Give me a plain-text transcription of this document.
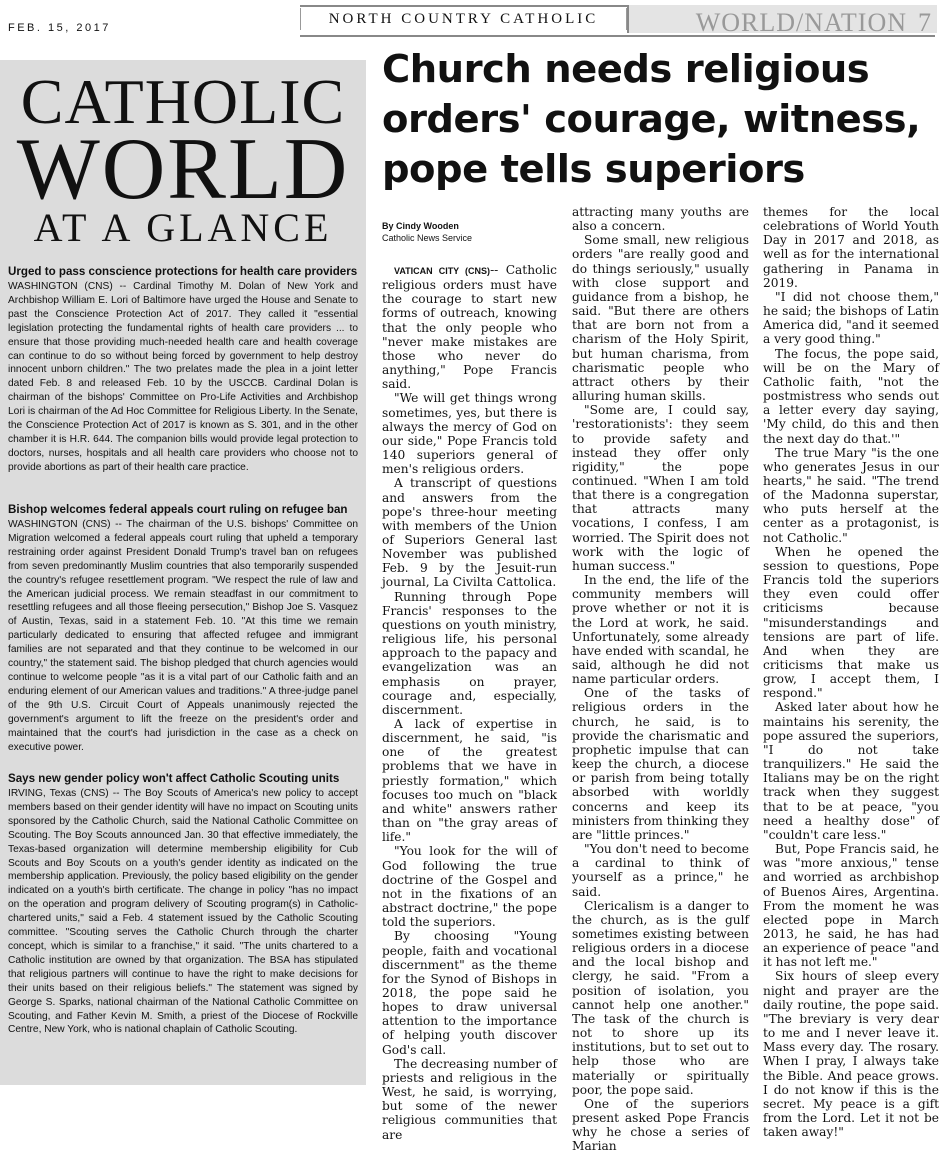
FEB. 15, 2017
NORTH COUNTRY CATHOLIC	WORLD/NATION 7
CATHOLIC
WORLD
AT A GLANCE
Urged to pass conscience protections for health care providers

WASHINGTON (CNS) -- Cardinal Timothy M. Dolan of New York and Archbishop William E. Lori of Baltimore have urged the House and Senate to past the Conscience Protection Act of 2017. They called it "essential legislation protecting the fundamental rights of health care providers ... to ensure that those providing much-needed health care and health coverage can continue to do so without being forced by government to help destroy innocent unborn children." The two prelates made the plea in a joint letter dated Feb. 8 and released Feb. 10 by the USCCB. Cardinal Dolan is chairman of the bishops' Committee on Pro-Life Activities and Archbishop Lori is chairman of the Ad Hoc Committee for Religious Liberty. In the Senate, the Conscience Protection Act of 2017 is known as S. 301, and in the other chamber it is H.R. 644. The companion bills would provide legal protection to doctors, nurses, hospitals and all health care providers who choose not to provide abortions as part of their health care practice.

Bishop welcomes federal appeals court ruling on refugee ban

WASHINGTON (CNS) -- The chairman of the U.S. bishops' Committee on Migration welcomed a federal appeals court ruling that upheld a temporary restraining order against President Donald Trump's travel ban on refugees from seven predominantly Muslim countries that also temporarily suspended the country's refugee resettlement program. "We respect the rule of law and the American judicial process. We remain steadfast in our commitment to resettling refugees and all those fleeing persecution," Bishop Joe S. Vasquez of Austin, Texas, said in a statement Feb. 10. "At this time we remain particularly dedicated to ensuring that affected refugee and immigrant families are not separated and that they continue to be welcomed in our country," the statement said. The bishop pledged that church agencies would continue to welcome people "as it is a vital part of our Catholic faith and an enduring element of our American values and traditions." A three-judge panel of the 9th U.S. Circuit Court of Appeals unanimously rejected the government's argument to lift the freeze on the president's order and maintained that the court's had jurisdiction in the case as a check on executive power.

Says new gender policy won't affect Catholic Scouting units

IRVING, Texas (CNS) -- The Boy Scouts of America's new policy to accept members based on their gender identity will have no impact on Scouting units sponsored by the Catholic Church, said the National Catholic Committee on Scouting. The Boy Scouts announced Jan. 30 that effective immediately, the Texas-based organization will determine membership eligibility for Cub Scouts and Boy Scouts on a youth's gender identity as indicated on the membership application. Previously, the policy based eligibility on the gender indicated on a youth's birth certificate. The change in policy "has no impact on the operation and program delivery of Scouting program(s) in Catholic-chartered units," said a Feb. 4 statement issued by the Catholic Scouting committee. "Scouting serves the Catholic Church through the charter concept, which is similar to a franchise," it said. "The units chartered to a Catholic institution are owned by that organization. The BSA has stipulated that religious partners will continue to have the right to make decisions for their units based on their religious beliefs." The statement was signed by George S. Sparks, national chairman of the National Catholic Committee on Scouting, and Father Kevin M. Smith, a priest of the Diocese of Rockville Centre, New York, who is national chaplain of Catholic Scouting.

Church needs religious orders' courage, witness, pope tells superiors
By Cindy Wooden
Catholic News Service

VATICAN CITY (CNS)-- Catholic religious orders must have the courage to start new forms of outreach, knowing that the only people who "never make mistakes are those who never do anything," Pope Francis said.

"We will get things wrong sometimes, yes, but there is always the mercy of God on our side," Pope Francis told 140 superiors general of men's religious orders.

A transcript of questions and answers from the pope's three-hour meeting with members of the Union of Superiors General last November was published Feb. 9 by the Jesuit-run journal, La Civilta Cattolica.

Running through Pope Francis' responses to the questions on youth ministry, religious life, his personal approach to the papacy and evangelization was an emphasis on prayer, courage and, especially, discernment.

A lack of expertise in discernment, he said, "is one of the greatest problems that we have in priestly formation," which focuses too much on "black and white" answers rather than on "the gray areas of life."

"You look for the will of God following the true doctrine of the Gospel and not in the fixations of an abstract doctrine," the pope told the superiors.

By choosing "Young people, faith and vocational discernment" as the theme for the Synod of Bishops in 2018, the pope said he hopes to draw universal attention to the importance of helping youth discover God's call.

The decreasing number of priests and religious in the West, he said, is worrying, but some of the newer religious communities that are

attracting many youths are also a concern.

Some small, new religious orders "are really good and do things seriously," usually with close support and guidance from a bishop, he said. "But there are others that are born not from a charism of the Holy Spirit, but human charisma, from charismatic people who attract others by their alluring human skills.

"Some are, I could say, 'restorationists': they seem to provide safety and instead they offer only rigidity," the pope continued. "When I am told that there is a congregation that attracts many vocations, I confess, I am worried. The Spirit does not work with the logic of human success."

In the end, the life of the community members will prove whether or not it is the Lord at work, he said. Unfortunately, some already have ended with scandal, he said, although he did not name particular orders.

One of the tasks of religious orders in the church, he said, is to provide the charismatic and prophetic impulse that can keep the church, a diocese or parish from being totally absorbed with worldly concerns and keep its ministers from thinking they are "little princes."

"You don't need to become a cardinal to think of yourself as a prince," he said.

Clericalism is a danger to the church, as is the gulf sometimes existing between religious orders in a diocese and the local bishop and clergy, he said. "From a position of isolation, you cannot help one another." The task of the church is not to shore up its institutions, but to set out to help those who are materially or spiritually poor, the pope said.

One of the superiors present asked Pope Francis why he chose a series of Marian

themes for the local celebrations of World Youth Day in 2017 and 2018, as well as for the international gathering in Panama in 2019.

"I did not choose them," he said; the bishops of Latin America did, "and it seemed a very good thing."

The focus, the pope said, will be on the Mary of Catholic faith, "not the postmistress who sends out a letter every day saying, 'My child, do this and then the next day do that.'"

The true Mary "is the one who generates Jesus in our hearts," he said. "The trend of the Madonna superstar, who puts herself at the center as a protagonist, is not Catholic."

When he opened the session to questions, Pope Francis told the superiors they even could offer criticisms because "misunderstandings and tensions are part of life. And when they are criticisms that make us grow, I accept them, I respond."

Asked later about how he maintains his serenity, the pope assured the superiors, "I do not take tranquilizers." He said the Italians may be on the right track when they suggest that to be at peace, "you need a healthy dose" of "couldn't care less."

But, Pope Francis said, he was "more anxious," tense and worried as archbishop of Buenos Aires, Argentina. From the moment he was elected pope in March 2013, he said, he has had an experience of peace "and it has not left me."

Six hours of sleep every night and prayer are the daily routine, the pope said. "The breviary is very dear to me and I never leave it. Mass every day. The rosary. When I pray, I always take the Bible. And peace grows. I do not know if this is the secret. My peace is a gift from the Lord. Let it not be taken away!"
